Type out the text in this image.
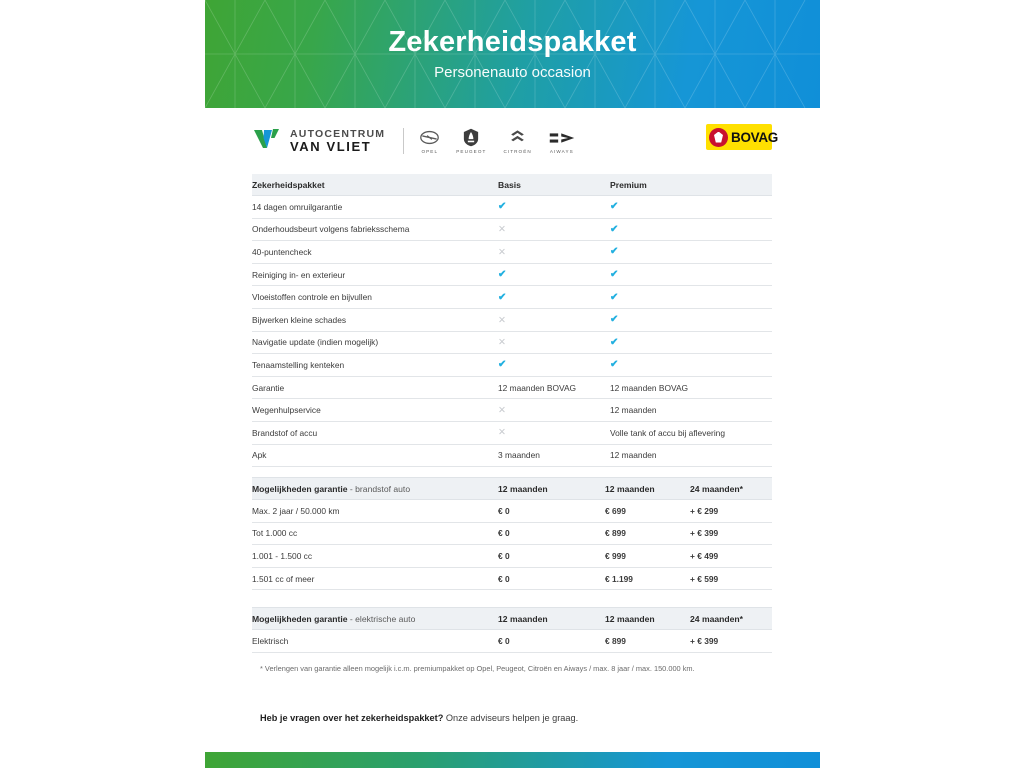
Zekerheidspakket
Personenauto occasion
AUTOCENTRUM
VAN VLIET	OPEL	PEUGEOT	CITROËN	AIWAYS
BOVAG
Zekerheidspakket	Basis	Premium
14 dagen omruilgarantie	✔	✔
Onderhoudsbeurt volgens fabrieksschema	✕	✔
40-puntencheck	✕	✔
Reiniging in- en exterieur	✔	✔
Vloeistoffen controle en bijvullen	✔	✔
Bijwerken kleine schades	✕	✔
Navigatie update (indien mogelijk)	✕	✔
Tenaamstelling kenteken	✔	✔
Garantie	12 maanden BOVAG	12 maanden BOVAG
Wegenhulpservice	✕	12 maanden
Brandstof of accu	✕	Volle tank of accu bij aflevering
Apk	3 maanden	12 maanden
Mogelijkheden garantie - brandstof auto	12 maanden	12 maanden	24 maanden*
Max. 2 jaar / 50.000 km	€ 0	€ 699	+ € 299
Tot 1.000 cc	€ 0	€ 899	+ € 399
1.001 - 1.500 cc	€ 0	€ 999	+ € 499
1.501 cc of meer	€ 0	€ 1.199	+ € 599
Mogelijkheden garantie - elektrische auto	12 maanden	12 maanden	24 maanden*
Elektrisch	€ 0	€ 899	+ € 399
* Verlengen van garantie alleen mogelijk i.c.m. premiumpakket op Opel, Peugeot, Citroën en Aiways / max. 8 jaar / max. 150.000 km.
Heb je vragen over het zekerheidspakket? Onze adviseurs helpen je graag.
